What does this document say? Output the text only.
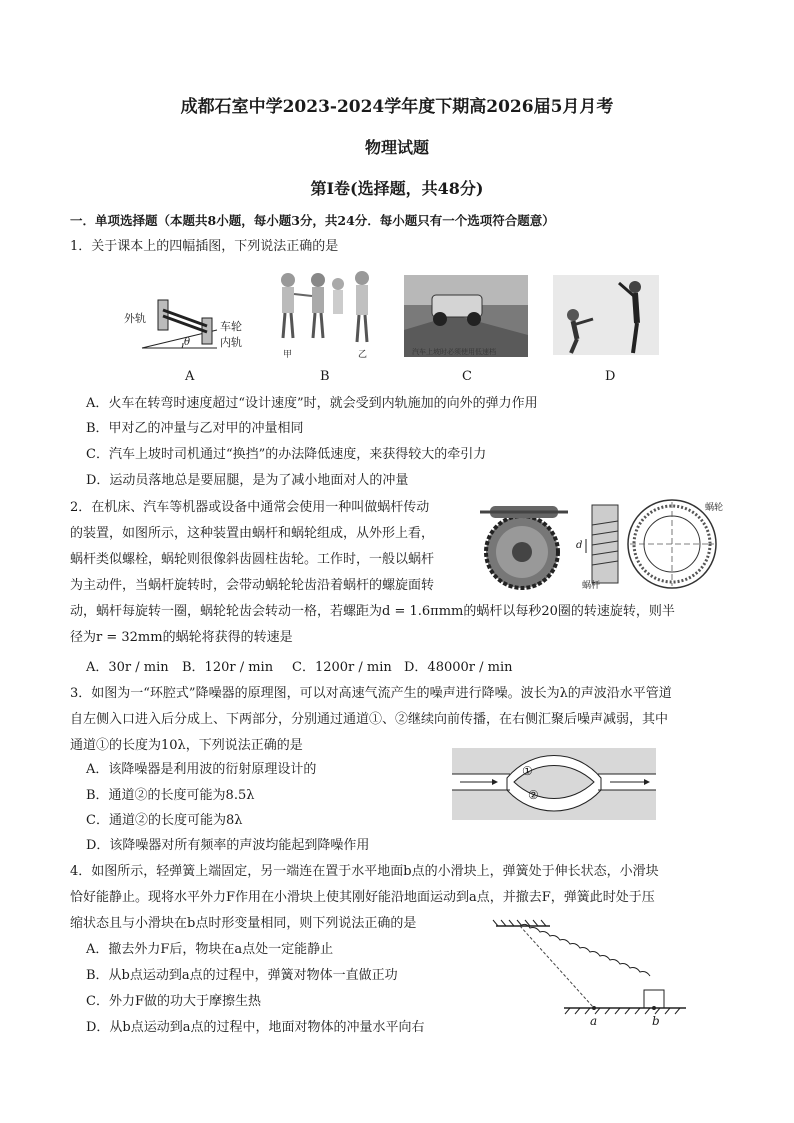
成都石室中学2023-2024学年度下期高2026届5月月考
物理试题
第Ⅰ卷(选择题，共48分)
一．单项选择题（本题共8小题，每小题3分，共24分．每小题只有一个选项符合题意）
1．关于课本上的四幅插图，下列说法正确的是
外轨
车轮
内轨
θ
甲	乙	汽车上坡时必须使用低速档
A	B	C	D
A．火车在转弯时速度超过“设计速度”时，就会受到内轨施加的向外的弹力作用
B．甲对乙的冲量与乙对甲的冲量相同
C．汽车上坡时司机通过“换挡”的办法降低速度，来获得较大的牵引力
D．运动员落地总是要屈腿，是为了减小地面对人的冲量
2．在机床、汽车等机器或设备中通常会使用一种叫做蜗杆传动
的装置，如图所示，这种装置由蜗杆和蜗轮组成，从外形上看，
蜗杆类似螺栓，蜗轮则很像斜齿圆柱齿轮。工作时，一般以蜗杆
为主动件，当蜗杆旋转时，会带动蜗轮轮齿沿着蜗杆的螺旋面转
动，蜗杆每旋转一圈，蜗轮轮齿会转动一格，若螺距为d = 1.6πmm的蜗杆以每秒20圈的转速旋转，则半
径为r = 32mm的蜗轮将获得的转速是
蜗轮
蜗杆
d
A．30r / min B．120r / min C．1200r / min D．48000r / min
3．如图为一“环腔式”降噪器的原理图，可以对高速气流产生的噪声进行降噪。波长为λ的声波沿水平管道
自左侧入口进入后分成上、下两部分，分别通过通道①、②继续向前传播，在右侧汇聚后噪声减弱，其中
通道①的长度为10λ，下列说法正确的是
①
②
A．该降噪器是利用波的衍射原理设计的
B．通道②的长度可能为8.5λ
C．通道②的长度可能为8λ
D．该降噪器对所有频率的声波均能起到降噪作用
4．如图所示，轻弹簧上端固定，另一端连在置于水平地面b点的小滑块上，弹簧处于伸长状态，小滑块
恰好能静止。现将水平外力F作用在小滑块上使其刚好能沿地面运动到a点，并撤去F，弹簧此时处于压
缩状态且与小滑块在b点时形变量相同，则下列说法正确的是
a	b
A．撤去外力F后，物块在a点处一定能静止
B．从b点运动到a点的过程中，弹簧对物体一直做正功
C．外力F做的功大于摩擦生热
D．从b点运动到a点的过程中，地面对物体的冲量水平向右
